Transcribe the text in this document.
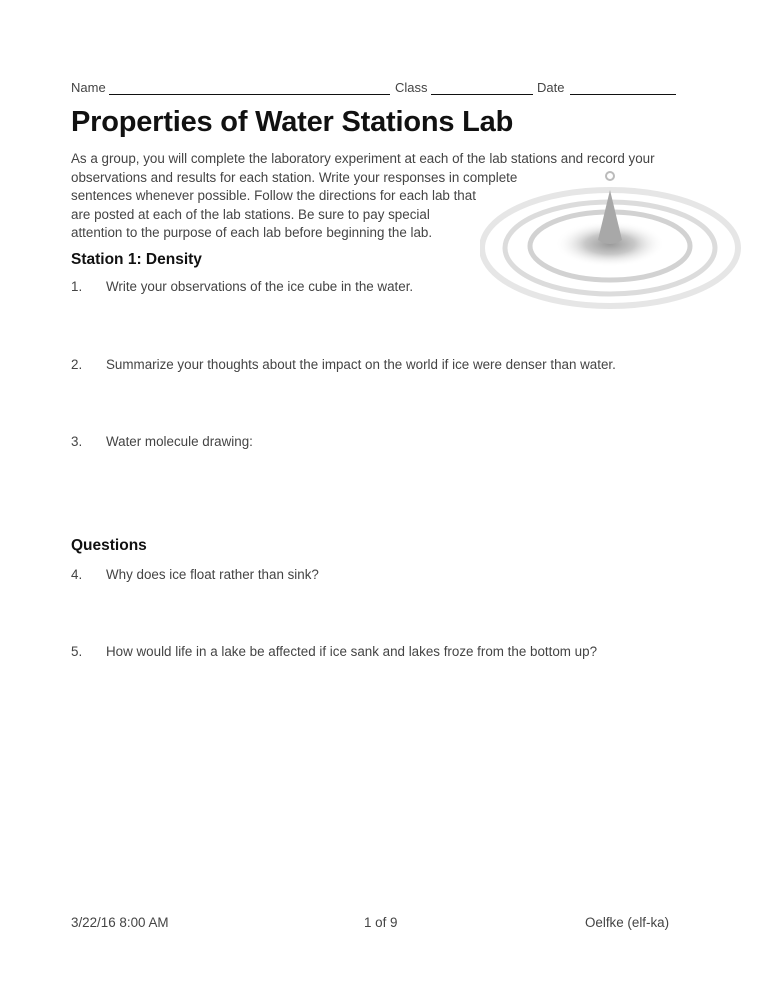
Name	Class	Date
Properties of Water Stations Lab
As a group, you will complete the laboratory experiment at each of the lab stations and record your
observations and results for each station. Write your responses in complete
sentences whenever possible. Follow the directions for each lab that
are posted at each of the lab stations. Be sure to pay special
attention to the purpose of each lab before beginning the lab.
Station 1: Density
1. Write your observations of the ice cube in the water.
2. Summarize your thoughts about the impact on the world if ice were denser than water.
3. Water molecule drawing:
Questions
4. Why does ice float rather than sink?
5. How would life in a lake be affected if ice sank and lakes froze from the bottom up?
3/22/16 8:00 AM	1 of 9	Oelfke (elf-ka)
